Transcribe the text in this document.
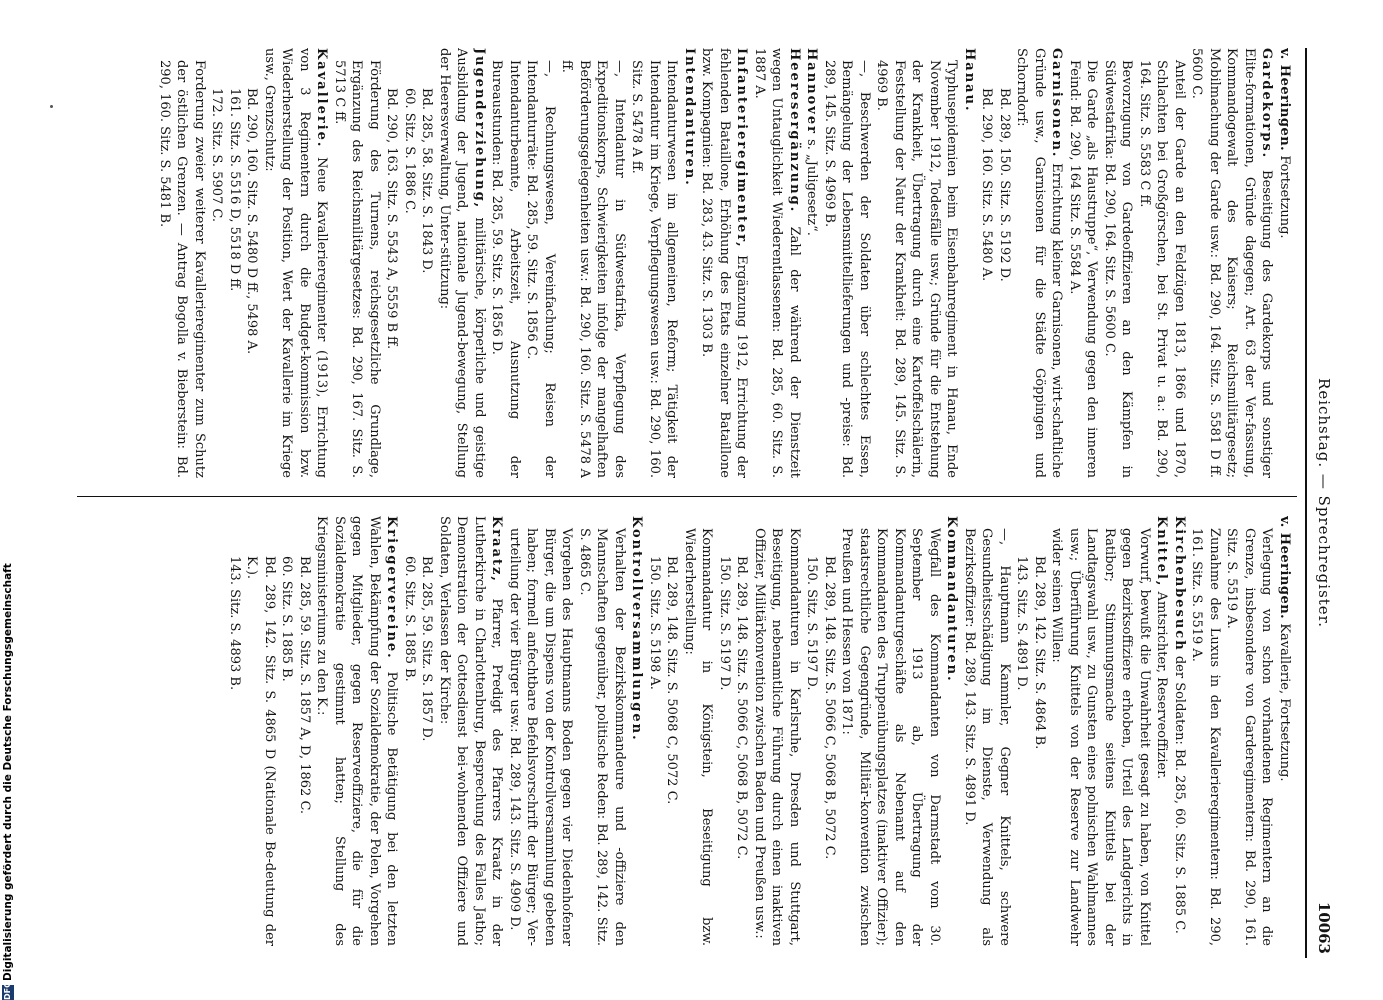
Reichstag. — Sprechregister.
10063

v. Heeringen. Fortsetzung.

Gardekorps. Beseitigung des Gardekorps und sonstiger Elite-formationen, Gründe dagegen; Art. 63 der Ver-fassung, Kommandogewalt des Kaisers; Reichsmilitärgesetz; Mobilmachung der Garde usw.: Bd. 290, 164. Sitz. S. 5581 D ff. 5600 C.

Anteil der Garde an den Feldzügen 1813, 1866 und 1870, Schlachten bei Großgörschen, bei St. Privat u. a.: Bd. 290, 164. Sitz. S. 5583 C ff.

Bevorzugung von Gardeoffizieren an den Kämpfen in Südwestafrika: Bd. 290, 164. Sitz. S. 5600 C.

Die Garde „als Haustruppe“, Verwendung gegen den inneren Feind: Bd. 290, 164 Sitz. S. 5584 A.

Garnisonen. Errichtung kleiner Garnisonen, wirt-schaftliche Gründe usw., Garnisonen für die Städte Göppingen und Schorndorf:

Bd. 289, 150. Sitz. S. 5192 D.

Bd. 290, 160. Sitz. S. 5480 A.

Hanau.

Typhusepidemien beim Eisenbahnregiment in Hanau, Ende November 1912, Todesfälle usw.; Gründe für die Entstehung der Krankheit, Übertragung durch eine Kartoffelschälerin, Feststellung der Natur der Krankheit: Bd. 289, 145. Sitz. S. 4969 B.

—, Beschwerden der Soldaten über schlechtes Essen, Bemängelung der Lebensmittellieferungen und -preise: Bd. 289, 145. Sitz. S. 4969 B.

Hannover s. „Juligesetz“.

Heeresergänzung. Zahl der während der Dienstzeit wegen Untauglichkeit Wiederentlassenen: Bd. 285, 60. Sitz. S. 1887 A.

Infanterieregimenter, Ergänzung 1912, Errichtung der fehlenden Bataillone, Erhöhung des Etats einzelner Bataillone bzw. Kompagnien: Bd. 283, 43. Sitz. S. 1303 B.

Intendanturen.

Intendanturwesen im allgemeinen, Reform; Tätigkeit der Intendantur im Kriege, Verpflegungswesen usw.: Bd. 290, 160. Sitz. S. 5478 A ff.

—, Intendantur in Südwestafrika, Verpflegung des Expeditionskorps, Schwierigkeiten infolge der mangelhaften Beförderungsgelegenheiten usw.: Bd. 290, 160. Sitz. S. 5478 A ff.

—, Rechnungswesen, Vereinfachung; Reisen der Intendanturräte: Bd. 285, 59. Sitz. S. 1856 C.

Intendanturbeamte, Arbeitszeit, Ausnutzung der Bureaustunden: Bd. 285, 59. Sitz. S. 1856 D.

Jugenderziehung, militärische, körperliche und geistige Ausbildung der Jugend, nationale Jugend-bewegung, Stellung der Heeresverwaltung, Unter-stützung:

Bd. 285, 58. Sitz. S. 1843 D.

60. Sitz. S. 1886 C.

Bd. 290, 163. Sitz. S. 5543 A, 5559 B ff.

Förderung des Turnens, reichsgesetzliche Grundlage, Ergänzung des Reichsmilitärgesetzes: Bd. 290, 167. Sitz. S. 5713 C ff.

Kavallerie. Neue Kavallerieregimenter (1913), Errichtung von 3 Regimentern durch die Budget-kommission bzw. Wiederherstellung der Position, Wert der Kavallerie im Kriege usw., Grenzschutz:

Bd. 290, 160. Sitz. S. 5480 D ff., 5498 A.

161. Sitz. S. 5516 D, 5518 D ff.

172. Sitz. S. 5907 C.

Forderung zweier weiterer Kavallerieregimenter zum Schutz der östlichen Grenzen. — Antrag Bogolla v. Bieberstein: Bd. 290, 160. Sitz. S. 5481 B.

v. Heeringen. Kavallerie, Fortsetzung.

Verlegung von schon vorhandenen Regimentern an die Grenze, insbesondere von Garderegimentern: Bd. 290, 161. Sitz. S. 5519 A.

Zunahme des Luxus in den Kavallerieregimentern: Bd. 290, 161. Sitz. S. 5519 A.

Kirchenbesuch der Soldaten: Bd. 285, 60. Sitz. S. 1885 C.

Knittel, Amtsrichter, Reserveoffizier.

Vorwurf, bewußt die Unwahrheit gesagt zu haben, von Knittel gegen Bezirksoffiziere erhoben, Urteil des Landgerichts in Ratibor; Stimmungsmache seitens Knittels bei der Landtagswahl usw., zu Gunsten eines polnischen Wahlmannes usw.; Überführung Knittels von der Reserve zur Landwehr wider seinen Willen:

Bd. 289, 142. Sitz. S. 4864 B.

143. Sitz. S. 4891 D.

—, Hauptmann Kammler, Gegner Knittels, schwere Gesundheitsschädigung im Dienste, Verwendung als Bezirksoffizier: Bd. 289, 143. Sitz. S. 4891 D.

Kommandanturen.

Wegfall des Kommandanten von Darmstadt vom 30. September 1913 ab, Übertragung der Kommandanturgeschäfte als Nebenamt auf den Kommandanten des Truppenübungsplatzes (inaktiver Offizier); staatsrechtliche Gegengründe, Militär-konvention zwischen Preußen und Hessen von 1871:

Bd. 289, 148. Sitz. S. 5066 C, 5068 B, 5072 C.

150. Sitz. S. 5197 D.

Kommandanturen in Karlsruhe, Dresden und Stuttgart, Beseitigung, nebenamtliche Führung durch einen inaktiven Offizier, Militärkonvention zwischen Baden und Preußen usw.:

Bd. 289, 148. Sitz. S. 5066 C, 5068 B, 5072 C.

150. Sitz. S. 5197 D.

Kommandantur in Königstein, Beseitigung bzw. Wiederherstellung:

Bd. 289, 148. Sitz. S. 5068 C, 5072 C.

150. Sitz. S. 5198 A.

Kontrollversammlungen.

Verhalten der Bezirkskommandeure und -offiziere den Mannschaften gegenüber, politische Reden: Bd. 289, 142. Sitz. S. 4865 C.

Vorgehen des Hauptmanns Boden gegen vier Diedenhofener Bürger, die um Dispens von der Kontrollversammlung gebeten haben; formell anfechtbare Befehlsvorschrift der Bürger; Ver-urteilung der vier Bürger usw.: Bd. 289, 143. Sitz. S. 4909 D.

Kraatz, Pfarrer, Predigt des Pfarrers Kraatz in der Lutherkirche in Charlottenburg, Besprechung des Falles Jatho; Demonstration der Gottesdienst bei-wohnenden Offiziere und Soldaten, Verlassen der Kirche:

Bd. 285, 59. Sitz. S. 1857 D.

60. Sitz. S. 1885 B.

Kriegervereine. Politische Betätigung bei den letzten Wahlen, Bekämpfung der Sozialdemokratie, der Polen, Vorgehen gegen Mitglieder, gegen Reserveoffiziere, die für die Sozialdemokratie gestimmt hatten; Stellung des Kriegsministeriums zu den K.:

Bd. 285, 59. Sitz. S. 1857 A, D, 1862 C.

60. Sitz. S. 1885 B.

Bd. 289, 142. Sitz. S. 4865 D (Nationale Be-deutung der K.).

143. Sitz. S. 4893 B.

DFGDigitalisierung gefördert durch die Deutsche Forschungsgemeinschaft
